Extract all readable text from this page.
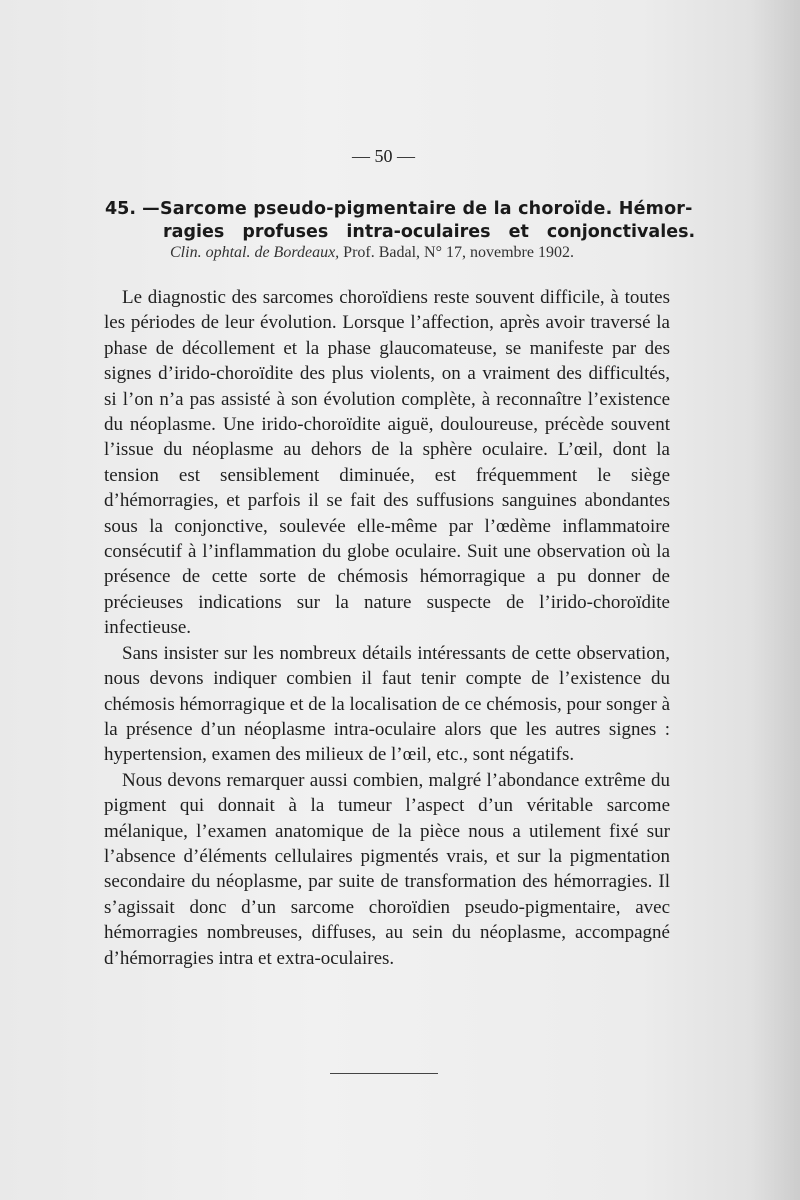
— 50 —
45. — Sarcome pseudo-pigmentaire de la choroïde. Hémor-
ragies profuses intra-oculaires et conjonctivales.
Clin. ophtal. de Bordeaux, Prof. Badal, N° 17, novembre 1902.

Le diagnostic des sarcomes choroïdiens reste souvent difficile, à toutes les périodes de leur évolution. Lorsque l’affection, après avoir traversé la phase de décollement et la phase glaucomateuse, se manifeste par des signes d’irido-choroïdite des plus violents, on a vraiment des difficultés, si l’on n’a pas assisté à son évolution complète, à reconnaître l’existence du néoplasme. Une irido-choroïdite aiguë, douloureuse, précède souvent l’issue du néoplasme au dehors de la sphère oculaire. L’œil, dont la tension est sensiblement diminuée, est fréquemment le siège d’hémorragies, et parfois il se fait des suffusions sanguines abondantes sous la conjonctive, soulevée elle-même par l’œdème inflammatoire consécutif à l’inflammation du globe oculaire. Suit une observation où la présence de cette sorte de chémosis hémorragique a pu donner de précieuses indications sur la nature suspecte de l’irido-choroïdite infectieuse.

Sans insister sur les nombreux détails intéressants de cette observation, nous devons indiquer combien il faut tenir compte de l’existence du chémosis hémorragique et de la localisation de ce chémosis, pour songer à la présence d’un néoplasme intra-oculaire alors que les autres signes : hypertension, examen des milieux de l’œil, etc., sont négatifs.

Nous devons remarquer aussi combien, malgré l’abondance extrême du pigment qui donnait à la tumeur l’aspect d’un véritable sarcome mélanique, l’examen anatomique de la pièce nous a utilement fixé sur l’absence d’éléments cellulaires pigmentés vrais, et sur la pigmentation secondaire du néoplasme, par suite de transformation des hémorragies. Il s’agissait donc d’un sarcome choroïdien pseudo-pigmentaire, avec hémorragies nombreuses, diffuses, au sein du néoplasme, accompagné d’hémorragies intra et extra-oculaires.
